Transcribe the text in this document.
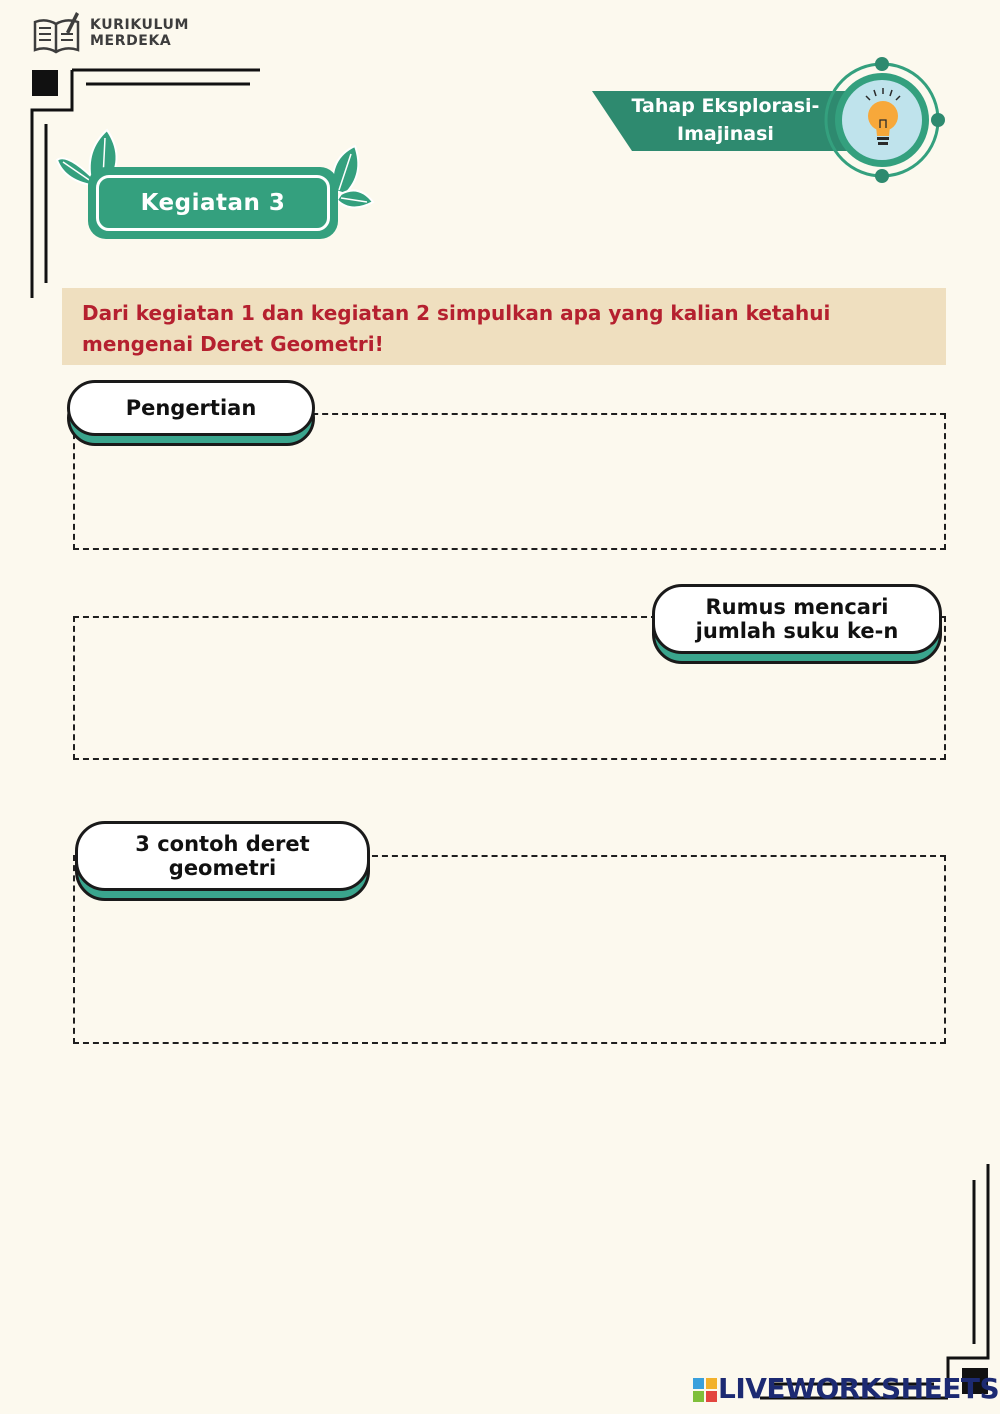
KURIKULUM
MERDEKA
Kegiatan 3
Tahap Eksplorasi-
Imajinasi
Dari kegiatan 1 dan kegiatan 2 simpulkan apa yang kalian ketahui
mengenai Deret Geometri!
Pengertian
Rumus mencari
jumlah suku ke-n
3 contoh deret
geometri
LIVEWORKSHEETS
